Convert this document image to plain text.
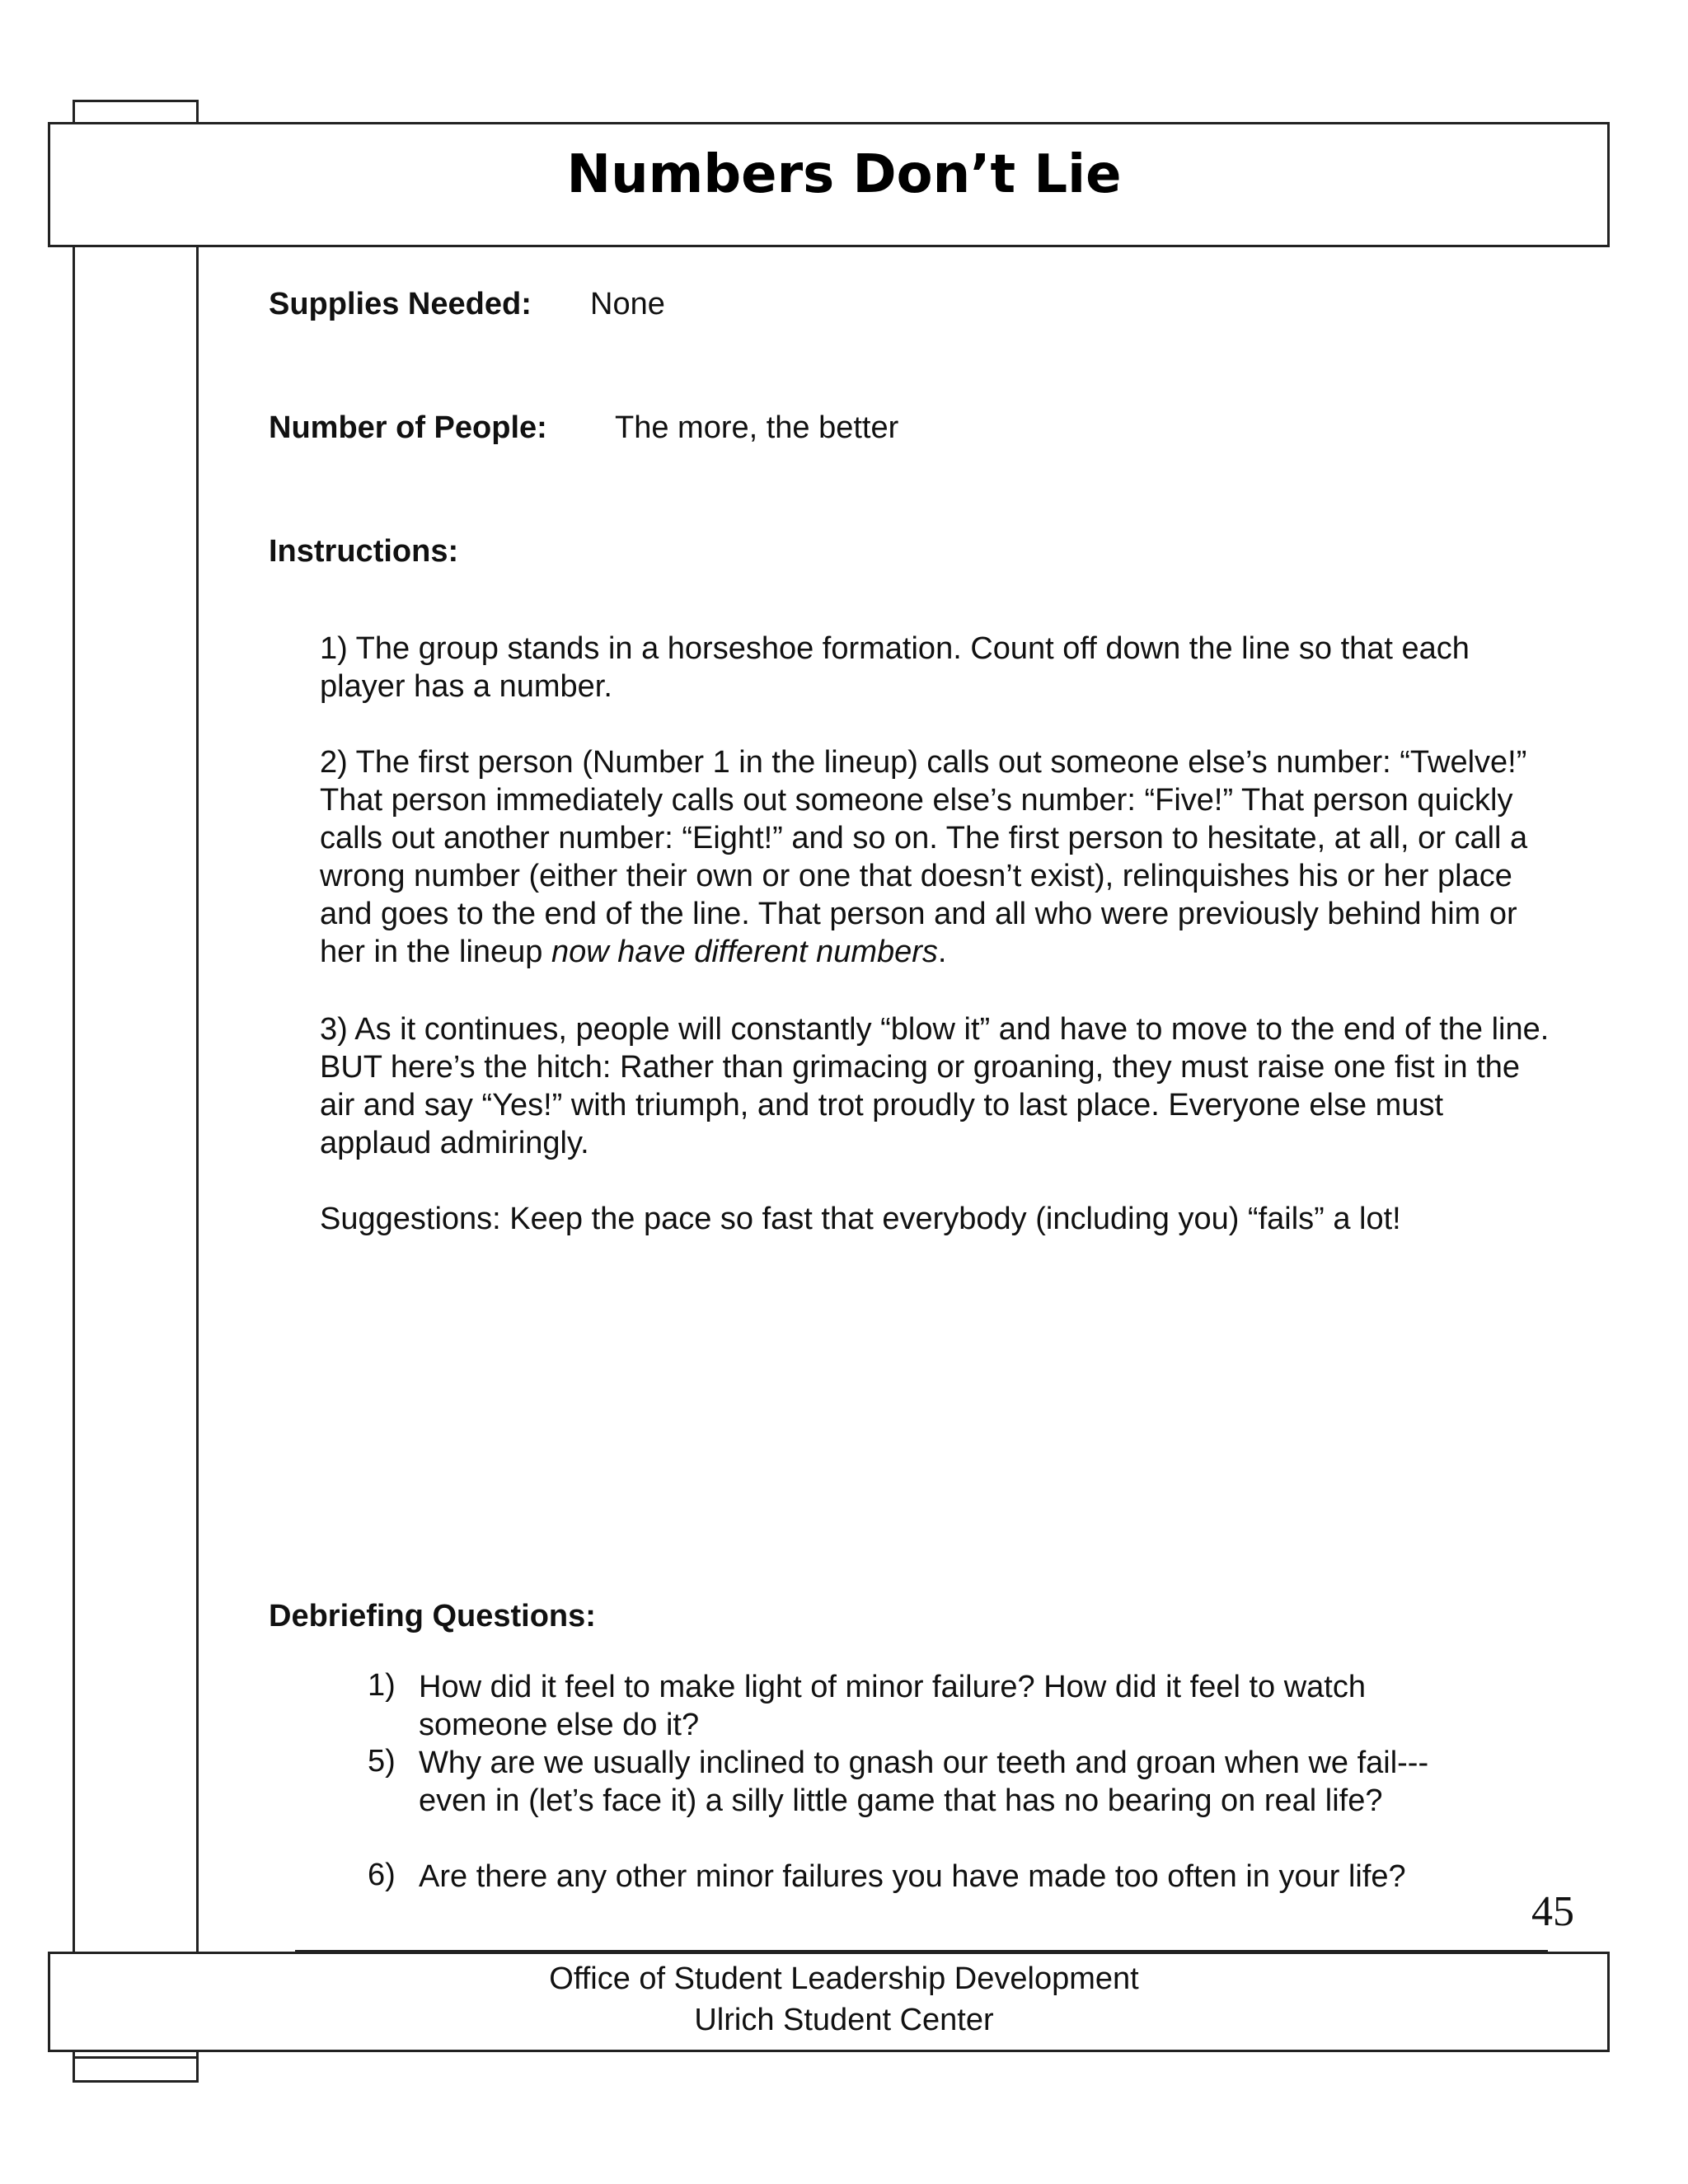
Numbers Don’t Lie
Supplies Needed: None
Number of People: The more, the better
Instructions:
1) The group stands in a horseshoe formation. Count off down the line so that each player has a number.
2) The first person (Number 1 in the lineup) calls out someone else’s number: “Twelve!” That person immediately calls out someone else’s number: “Five!” That person quickly calls out another number: “Eight!” and so on. The first person to hesitate, at all, or call a wrong number (either their own or one that doesn’t exist), relinquishes his or her place and goes to the end of the line. That person and all who were previously behind him or her in the lineup now have different numbers.
3) As it continues, people will constantly “blow it” and have to move to the end of the line. BUT here’s the hitch: Rather than grimacing or groaning, they must raise one fist in the air and say “Yes!” with triumph, and trot proudly to last place. Everyone else must applaud admiringly.
Suggestions: Keep the pace so fast that everybody (including you) “fails” a lot!
Debriefing Questions:
1) How did it feel to make light of minor failure? How did it feel to watch someone else do it?
5) Why are we usually inclined to gnash our teeth and groan when we fail---even in (let’s face it) a silly little game that has no bearing on real life?
6) Are there any other minor failures you have made too often in your life?
45
Office of Student Leadership Development
Ulrich Student Center
